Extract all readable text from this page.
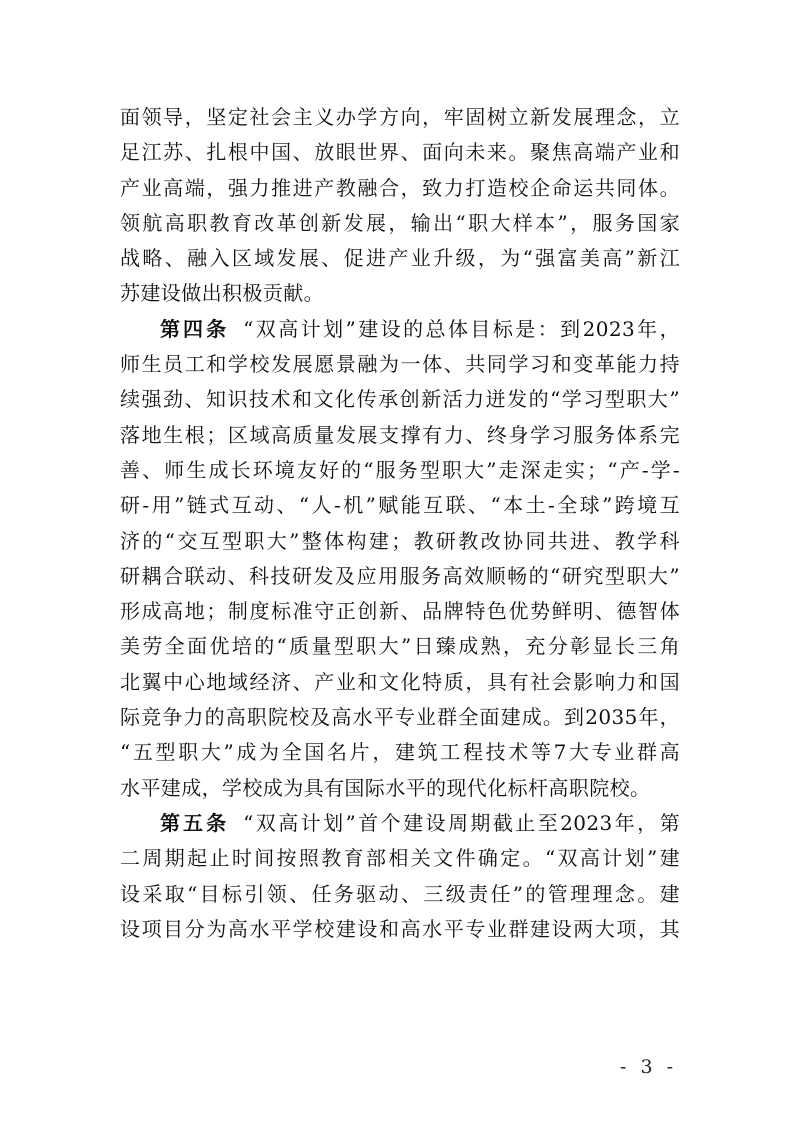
面领导，坚定社会主义办学方向，牢固树立新发展理念，立
足江苏、扎根中国、放眼世界、面向未来。聚焦高端产业和
产业高端，强力推进产教融合，致力打造校企命运共同体。
领航高职教育改革创新发展，输出“职大样本”，服务国家
战略、融入区域发展、促进产业升级，为“强富美高”新江
苏建设做出积极贡献。
第四条 “双高计划”建设的总体目标是：到2023年，
师生员工和学校发展愿景融为一体、共同学习和变革能力持
续强劲、知识技术和文化传承创新活力迸发的“学习型职大”
落地生根；区域高质量发展支撑有力、终身学习服务体系完
善、师生成长环境友好的“服务型职大”走深走实；“产-学-
研-用”链式互动、“人-机”赋能互联、“本土-全球”跨境互
济的“交互型职大”整体构建；教研教改协同共进、教学科
研耦合联动、科技研发及应用服务高效顺畅的“研究型职大”
形成高地；制度标准守正创新、品牌特色优势鲜明、德智体
美劳全面优培的“质量型职大”日臻成熟，充分彰显长三角
北翼中心地域经济、产业和文化特质，具有社会影响力和国
际竞争力的高职院校及高水平专业群全面建成。到2035年，
“五型职大”成为全国名片，建筑工程技术等7大专业群高
水平建成，学校成为具有国际水平的现代化标杆高职院校。
第五条 “双高计划”首个建设周期截止至2023年，第
二周期起止时间按照教育部相关文件确定。“双高计划”建
设采取“目标引领、任务驱动、三级责任”的管理理念。建
设项目分为高水平学校建设和高水平专业群建设两大项，其
- 3 -
